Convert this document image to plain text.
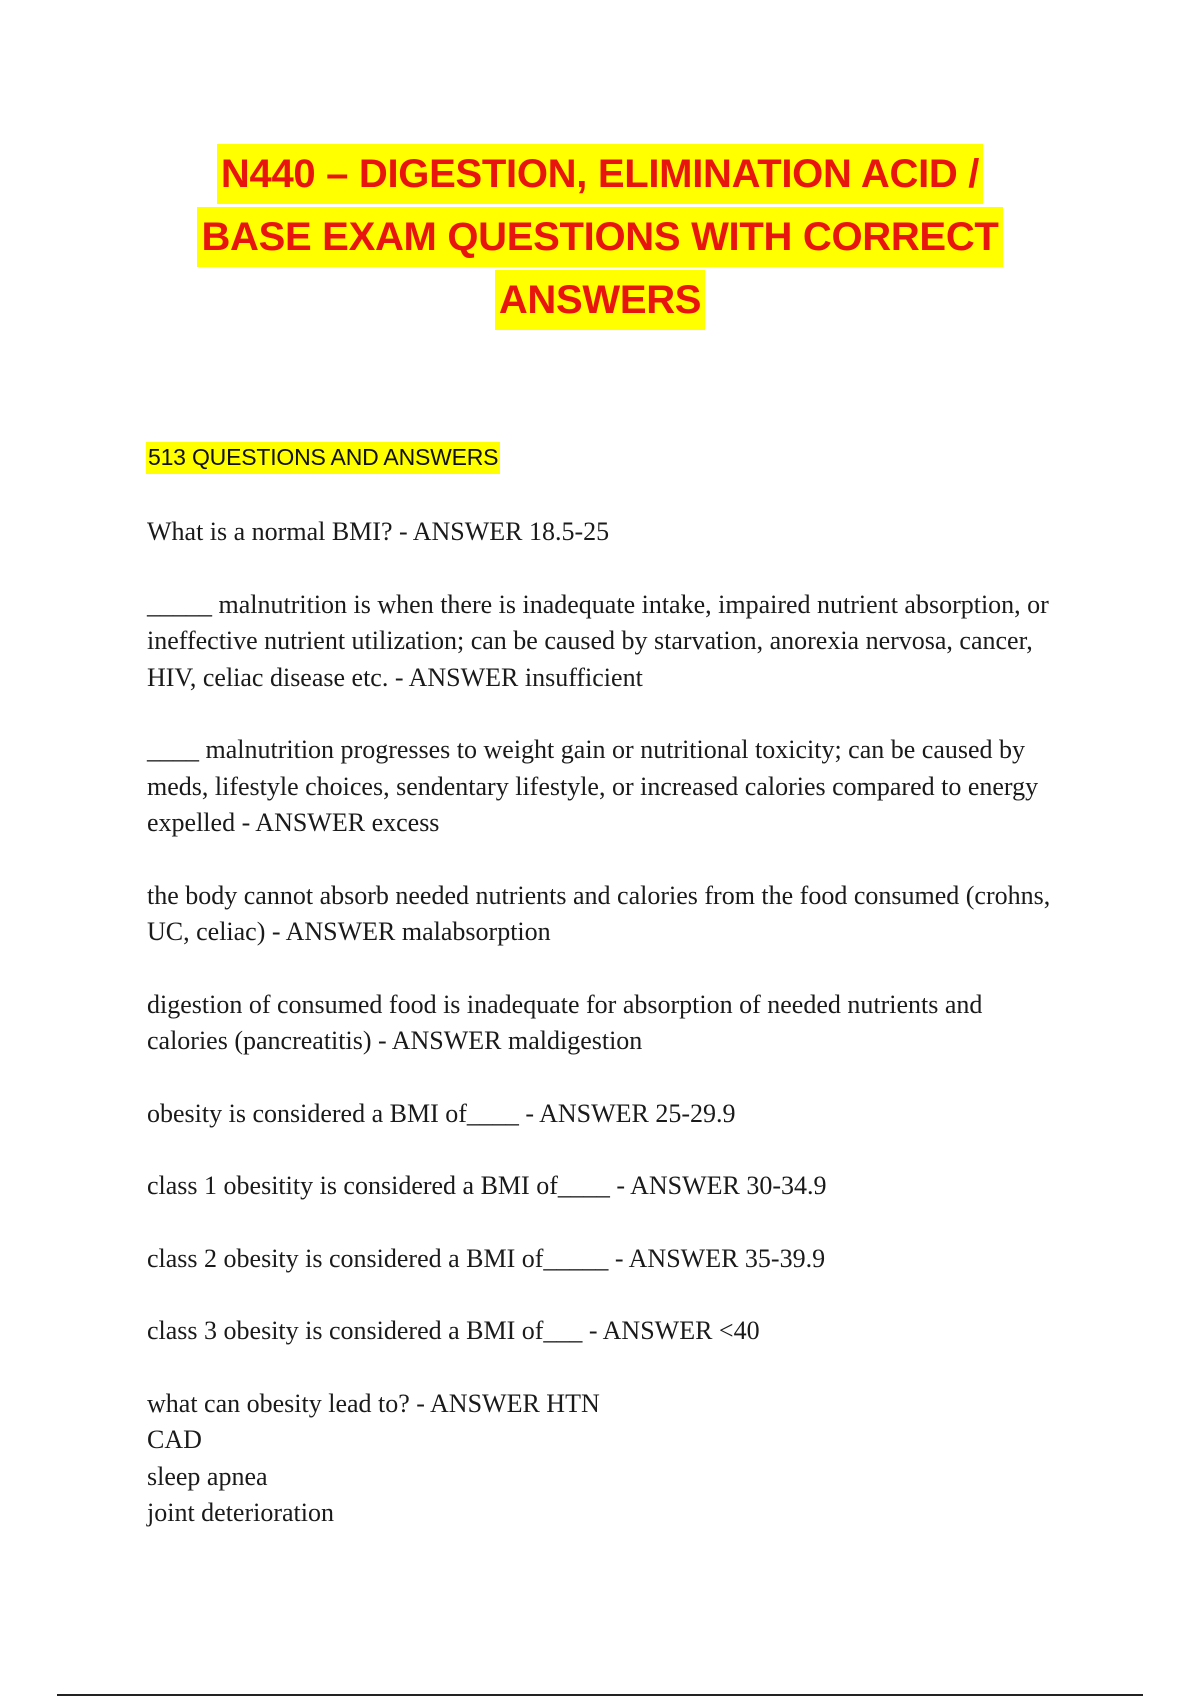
N440 – DIGESTION, ELIMINATION ACID /
BASE EXAM QUESTIONS WITH CORRECT
ANSWERS
513 QUESTIONS AND ANSWERS

What is a normal BMI? - ANSWER 18.5-25

_____ malnutrition is when there is inadequate intake, impaired nutrient absorption, or ineffective nutrient utilization; can be caused by starvation, anorexia nervosa, cancer, HIV, celiac disease etc. - ANSWER insufficient

____ malnutrition progresses to weight gain or nutritional toxicity; can be caused by meds, lifestyle choices, sendentary lifestyle, or increased calories compared to energy expelled - ANSWER excess

the body cannot absorb needed nutrients and calories from the food consumed (crohns, UC, celiac) - ANSWER malabsorption

digestion of consumed food is inadequate for absorption of needed nutrients and calories (pancreatitis) - ANSWER maldigestion

obesity is considered a BMI of____ - ANSWER 25-29.9

class 1 obesitity is considered a BMI of____ - ANSWER 30-34.9

class 2 obesity is considered a BMI of_____ - ANSWER 35-39.9

class 3 obesity is considered a BMI of___ - ANSWER <40

what can obesity lead to? - ANSWER HTN
CAD
sleep apnea
joint deterioration
